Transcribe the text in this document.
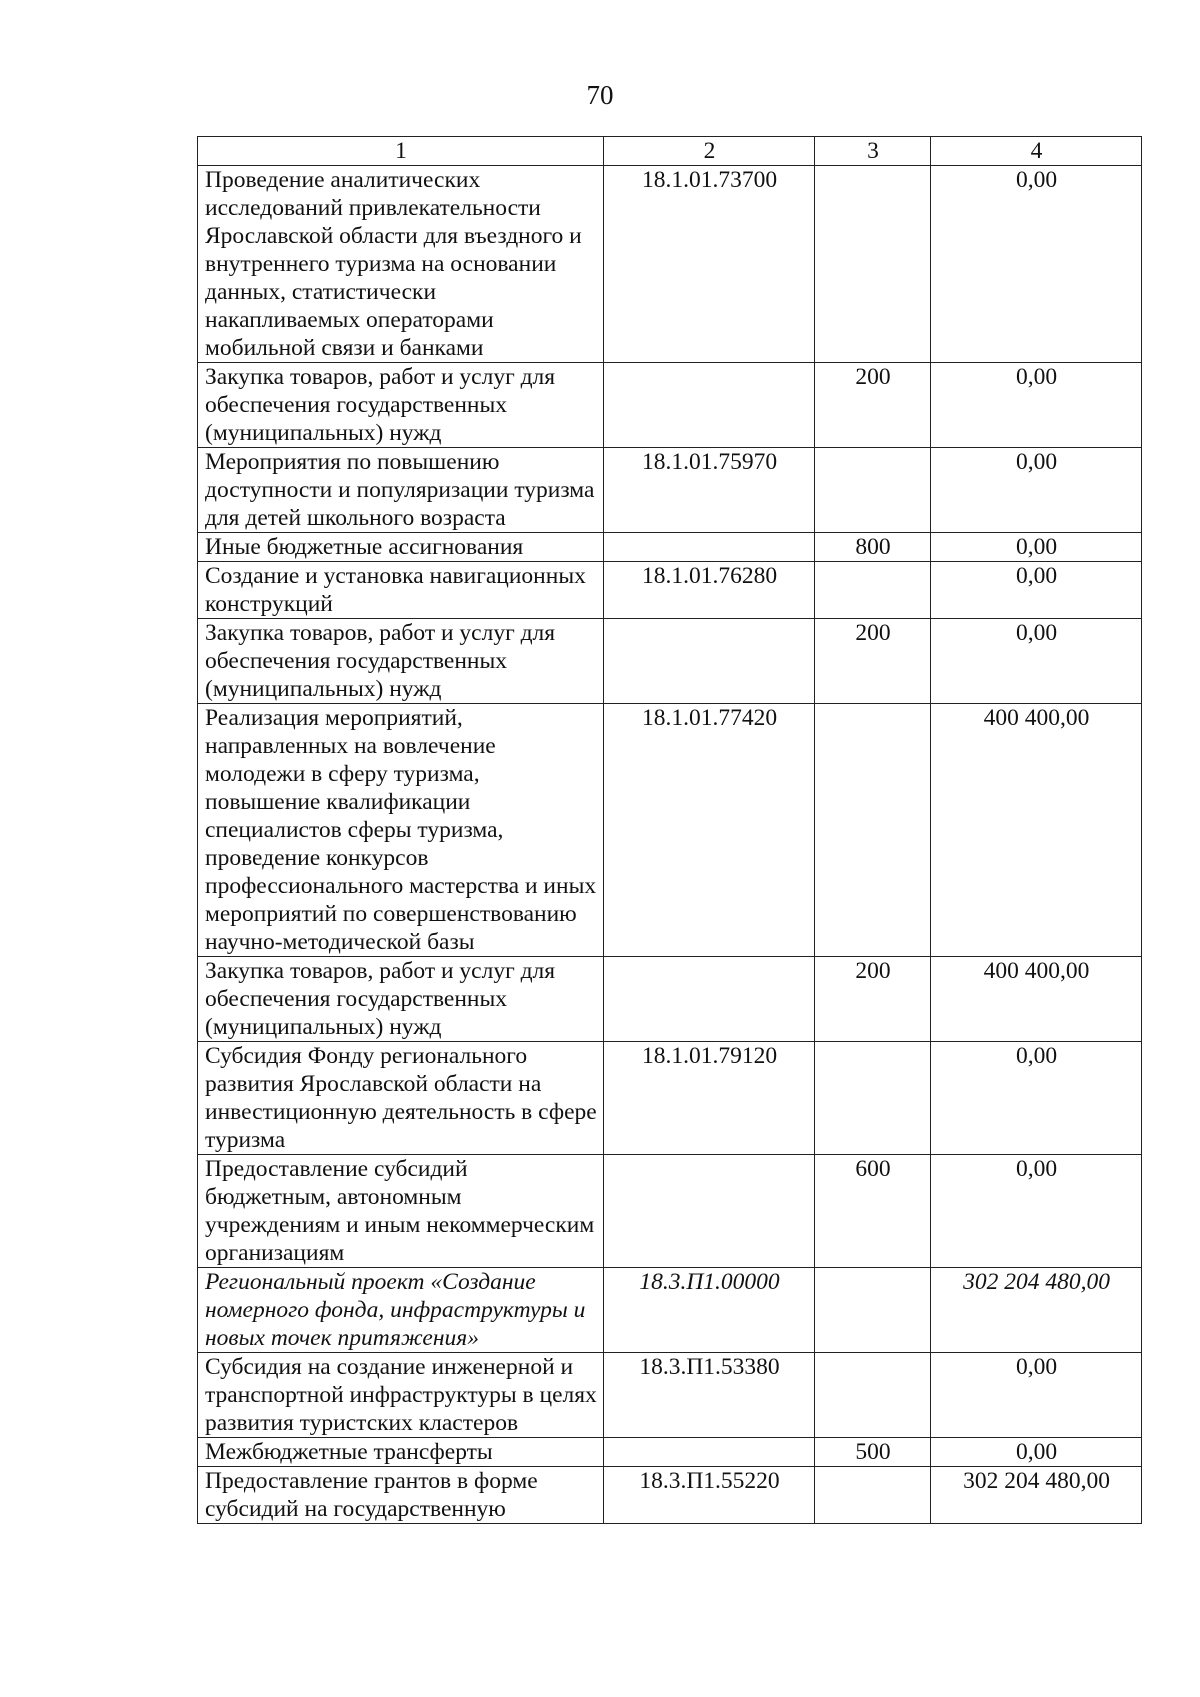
70
1	2	3	4
Проведение аналитических исследований привлекательности Ярославской области для въездного и внутреннего туризма на основании данных, статистически накапливаемых операторами мобильной связи и банками	18.1.01.73700		0,00
Закупка товаров, работ и услуг для обеспечения государственных (муниципальных) нужд		200	0,00
Мероприятия по повышению доступности и популяризации туризма для детей школьного возраста	18.1.01.75970		0,00
Иные бюджетные ассигнования		800	0,00
Создание и установка навигационных конструкций	18.1.01.76280		0,00
Закупка товаров, работ и услуг для обеспечения государственных (муниципальных) нужд		200	0,00
Реализация мероприятий, направленных на вовлечение молодежи в сферу туризма, повышение квалификации специалистов сферы туризма, проведение конкурсов профессионального мастерства и иных мероприятий по совершенствованию научно-методической базы	18.1.01.77420		400 400,00
Закупка товаров, работ и услуг для обеспечения государственных (муниципальных) нужд		200	400 400,00
Субсидия Фонду регионального развития Ярославской области на инвестиционную деятельность в сфере туризма	18.1.01.79120		0,00
Предоставление субсидий бюджетным, автономным учреждениям и иным некоммерческим организациям		600	0,00
Региональный проект «Создание номерного фонда, инфраструктуры и новых точек притяжения»	18.3.П1.00000		302 204 480,00
Субсидия на создание инженерной и транспортной инфраструктуры в целях развития туристских кластеров	18.3.П1.53380		0,00
Межбюджетные трансферты		500	0,00
Предоставление грантов в форме субсидий на государственную	18.3.П1.55220		302 204 480,00
